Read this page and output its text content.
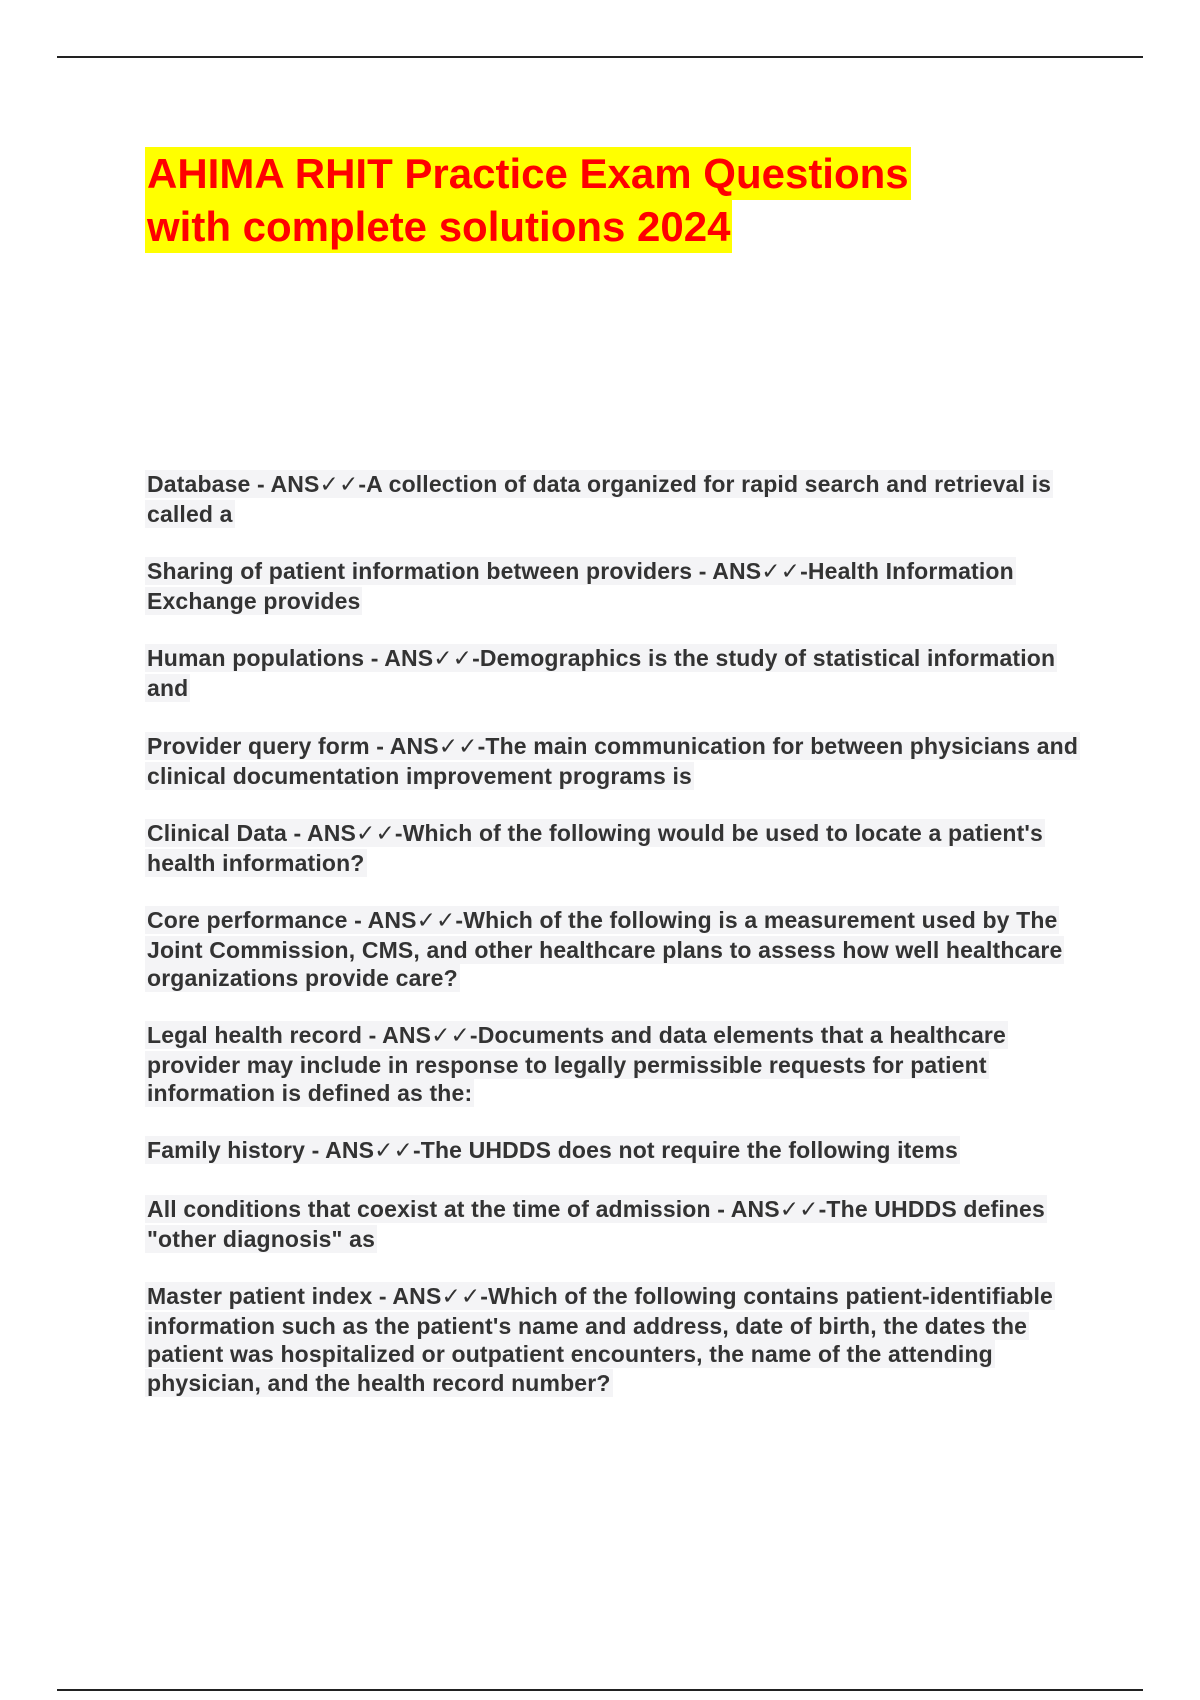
AHIMA RHIT Practice Exam Questions
with complete solutions 2024
Database - ANS✓✓-A collection of data organized for rapid search and retrieval is called a
Sharing of patient information between providers - ANS✓✓-Health Information Exchange provides
Human populations - ANS✓✓-Demographics is the study of statistical information and
Provider query form - ANS✓✓-The main communication for between physicians and clinical documentation improvement programs is
Clinical Data - ANS✓✓-Which of the following would be used to locate a patient's health information?
Core performance - ANS✓✓-Which of the following is a measurement used by The Joint Commission, CMS, and other healthcare plans to assess how well healthcare organizations provide care?
Legal health record - ANS✓✓-Documents and data elements that a healthcare provider may include in response to legally permissible requests for patient information is defined as the:
Family history - ANS✓✓-The UHDDS does not require the following items
All conditions that coexist at the time of admission - ANS✓✓-The UHDDS defines "other diagnosis" as
Master patient index - ANS✓✓-Which of the following contains patient-identifiable information such as the patient's name and address, date of birth, the dates the patient was hospitalized or outpatient encounters, the name of the attending physician, and the health record number?
